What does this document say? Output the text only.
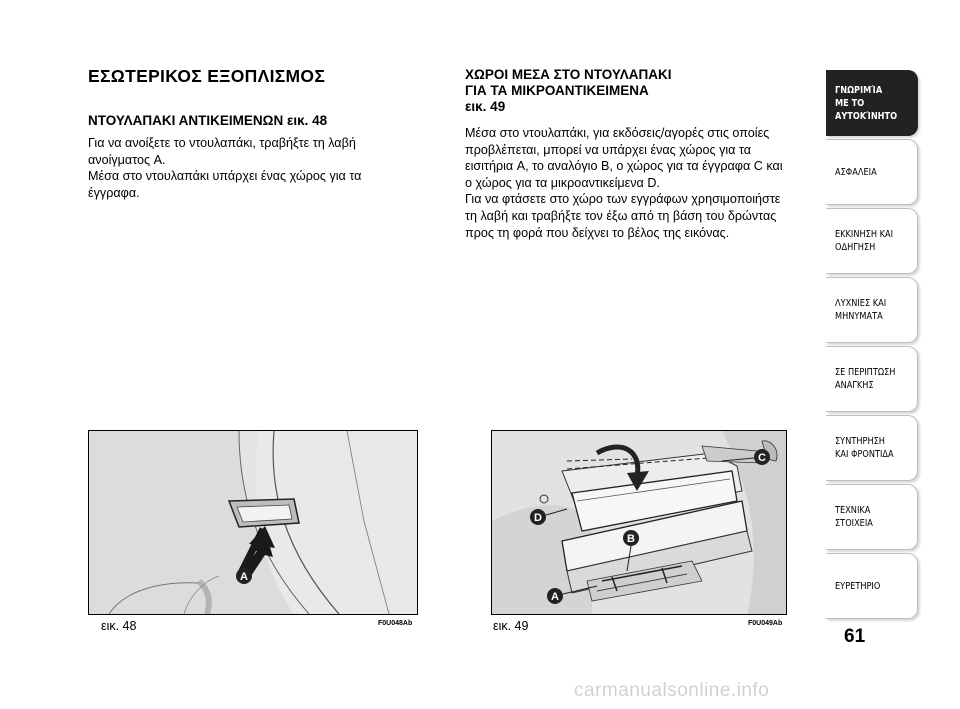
ΕΣΩΤΕΡΙΚΟΣ ΕΞΟΠΛΙΣΜΟΣ
ΝΤΟΥΛΑΠΑΚΙ ΑΝΤΙΚΕΙΜΕΝΩΝ εικ. 48
Για να ανοίξετε το ντουλαπάκι, τραβήξτε τη λαβή
ανοίγματος A.
Μέσα στο ντουλαπάκι υπάρχει ένας χώρος για τα
έγγραφα.
ΧΩΡΟΙ ΜΕΣΑ ΣΤΟ ΝΤΟΥΛΑΠΑΚΙ
ΓΙΑ ΤΑ ΜΙΚΡΟΑΝΤΙΚΕΙΜΕΝΑ
εικ. 49
Μέσα στο ντουλαπάκι, για εκδόσεις/αγορές στις οποίες
προβλέπεται, μπορεί να υπάρχει ένας χώρος για τα
εισιτήρια A, το αναλόγιο B, ο χώρος για τα έγγραφα C και
ο χώρος για τα μικροαντικείμενα D.
Για να φτάσετε στο χώρο των εγγράφων χρησιμοποιήστε
τη λαβή και τραβήξτε τον έξω από τη βάση του δρώντας
προς τη φορά που δείχνει το βέλος της εικόνας.
A
εικ. 48	F0U048Ab
C
D
B
A
εικ. 49	F0U049Ab
ΓΝΩΡΙΜΊΑ
ΜΕ ΤΟ
ΑΥΤΟΚΊΝΗΤΟ
ΑΣΦΑΛΕΙΑ
ΕΚΚΙΝΗΣΗ ΚΑΙ
ΟΔΗΓΗΣΗ
ΛΥΧΝΙΕΣ ΚΑΙ
ΜΗΝΥΜΑΤΑ
ΣΕ ΠΕΡΙΠΤΩΣΗ
ΑΝΑΓΚΗΣ
ΣΥΝΤΗΡΗΣΗ
ΚΑΙ ΦΡΟΝΤΙΔΑ
ΤΕΧΝΙΚΑ
ΣΤΟΙΧΕΙΑ
ΕΥΡΕΤΗΡΙΟ
61
carmanualsonline.info
